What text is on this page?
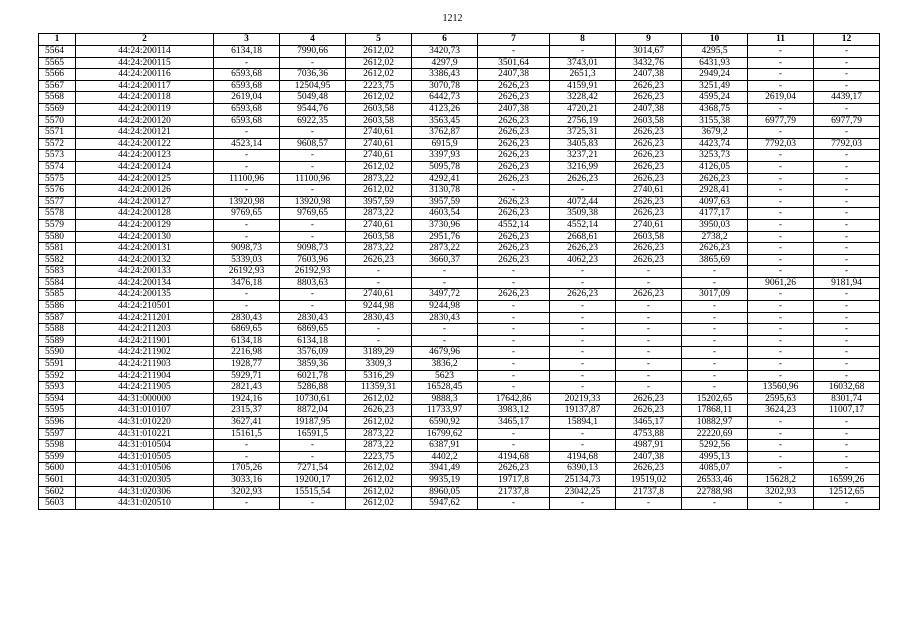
1212
1	2	3	4	5	6	7	8	9	10	11	12
5564	44:24:200114	6134,18	7990,66	2612,02	3420,73	-	-	3014,67	4295,5	-	-
5565	44:24:200115	-	-	2612,02	4297,9	3501,64	3743,01	3432,76	6431,93	-	-
5566	44:24:200116	6593,68	7036,36	2612,02	3386,43	2407,38	2651,3	2407,38	2949,24	-	-
5567	44:24:200117	6593,68	12504,95	2223,75	3070,78	2626,23	4159,91	2626,23	3251,49	-	-
5568	44:24:200118	2619,04	5049,48	2612,02	6442,73	2626,23	3228,42	2626,23	4595,24	2619,04	4439,17
5569	44:24:200119	6593,68	9544,76	2603,58	4123,26	2407,38	4720,21	2407,38	4368,75	-	-
5570	44:24:200120	6593,68	6922,35	2603,58	3563,45	2626,23	2756,19	2603,58	3155,38	6977,79	6977,79
5571	44:24:200121	-	-	2740,61	3762,87	2626,23	3725,31	2626,23	3679,2	-	-
5572	44:24:200122	4523,14	9608,57	2740,61	6915,9	2626,23	3405,83	2626,23	4423,74	7792,03	7792,03
5573	44:24:200123	-	-	2740,61	3397,93	2626,23	3237,21	2626,23	3253,73	-	-
5574	44:24:200124	-	-	2612,02	5095,78	2626,23	3216,99	2626,23	4126,05	-	-
5575	44:24:200125	11100,96	11100,96	2873,22	4292,41	2626,23	2626,23	2626,23	2626,23	-	-
5576	44:24:200126	-	-	2612,02	3130,78	-	-	2740,61	2928,41	-	-
5577	44:24:200127	13920,98	13920,98	3957,59	3957,59	2626,23	4072,44	2626,23	4097,63	-	-
5578	44:24:200128	9769,65	9769,65	2873,22	4603,54	2626,23	3509,38	2626,23	4177,17	-	-
5579	44:24:200129	-	-	2740,61	3730,96	4552,14	4552,14	2740,61	3950,03	-	-
5580	44:24:200130	-	-	2603,58	2951,76	2626,23	2668,61	2603,58	2738,2	-	-
5581	44:24:200131	9098,73	9098,73	2873,22	2873,22	2626,23	2626,23	2626,23	2626,23	-	-
5582	44:24:200132	5339,03	7603,96	2626,23	3660,37	2626,23	4062,23	2626,23	3865,69	-	-
5583	44:24:200133	26192,93	26192,93	-	-	-	-	-	-	-	-
5584	44:24:200134	3476,18	8803,63	-	-	-	-	-	-	9061,26	9181,94
5585	44:24:200135	-	-	2740,61	3497,72	2626,23	2626,23	2626,23	3017,09	-	-
5586	44:24:210501	-	-	9244,98	9244,98	-	-	-	-	-	-
5587	44:24:211201	2830,43	2830,43	2830,43	2830,43	-	-	-	-	-	-
5588	44:24:211203	6869,65	6869,65	-	-	-	-	-	-	-	-
5589	44:24:211901	6134,18	6134,18	-	-	-	-	-	-	-	-
5590	44:24:211902	2216,98	3576,09	3189,29	4679,96	-	-	-	-	-	-
5591	44:24:211903	1928,77	3859,36	3309,3	3836,2	-	-	-	-	-	-
5592	44:24:211904	5929,71	6021,78	5316,29	5623	-	-	-	-	-	-
5593	44:24:211905	2821,43	5286,88	11359,31	16528,45	-	-	-	-	13560,96	16032,68
5594	44:31:000000	1924,16	10730,61	2612,02	9888,3	17642,86	20219,33	2626,23	15202,65	2595,63	8301,74
5595	44:31:010107	2315,37	8872,04	2626,23	11733,97	3983,12	19137,87	2626,23	17868,11	3624,23	11007,17
5596	44:31:010220	3627,41	19187,95	2612,02	6590,92	3465,17	15894,1	3465,17	10882,97	-	-
5597	44:31:010221	15161,5	16591,5	2873,22	16799,62	-	-	4753,88	22220,69	-	-
5598	44:31:010504	-	-	2873,22	6387,91	-	-	4987,91	5292,56	-	-
5599	44:31:010505	-	-	2223,75	4402,2	4194,68	4194,68	2407,38	4995,13	-	-
5600	44:31:010506	1705,26	7271,54	2612,02	3941,49	2626,23	6390,13	2626,23	4085,07	-	-
5601	44:31:020305	3033,16	19200,17	2612,02	9935,19	19717,8	25134,73	19519,02	26533,46	15628,2	16599,26
5602	44:31:020306	3202,93	15515,54	2612,02	8960,05	21737,8	23042,25	21737,8	22788,98	3202,93	12512,65
5603	44:31:020510	-	-	2612,02	5947,62	-	-	-	-	-	-
